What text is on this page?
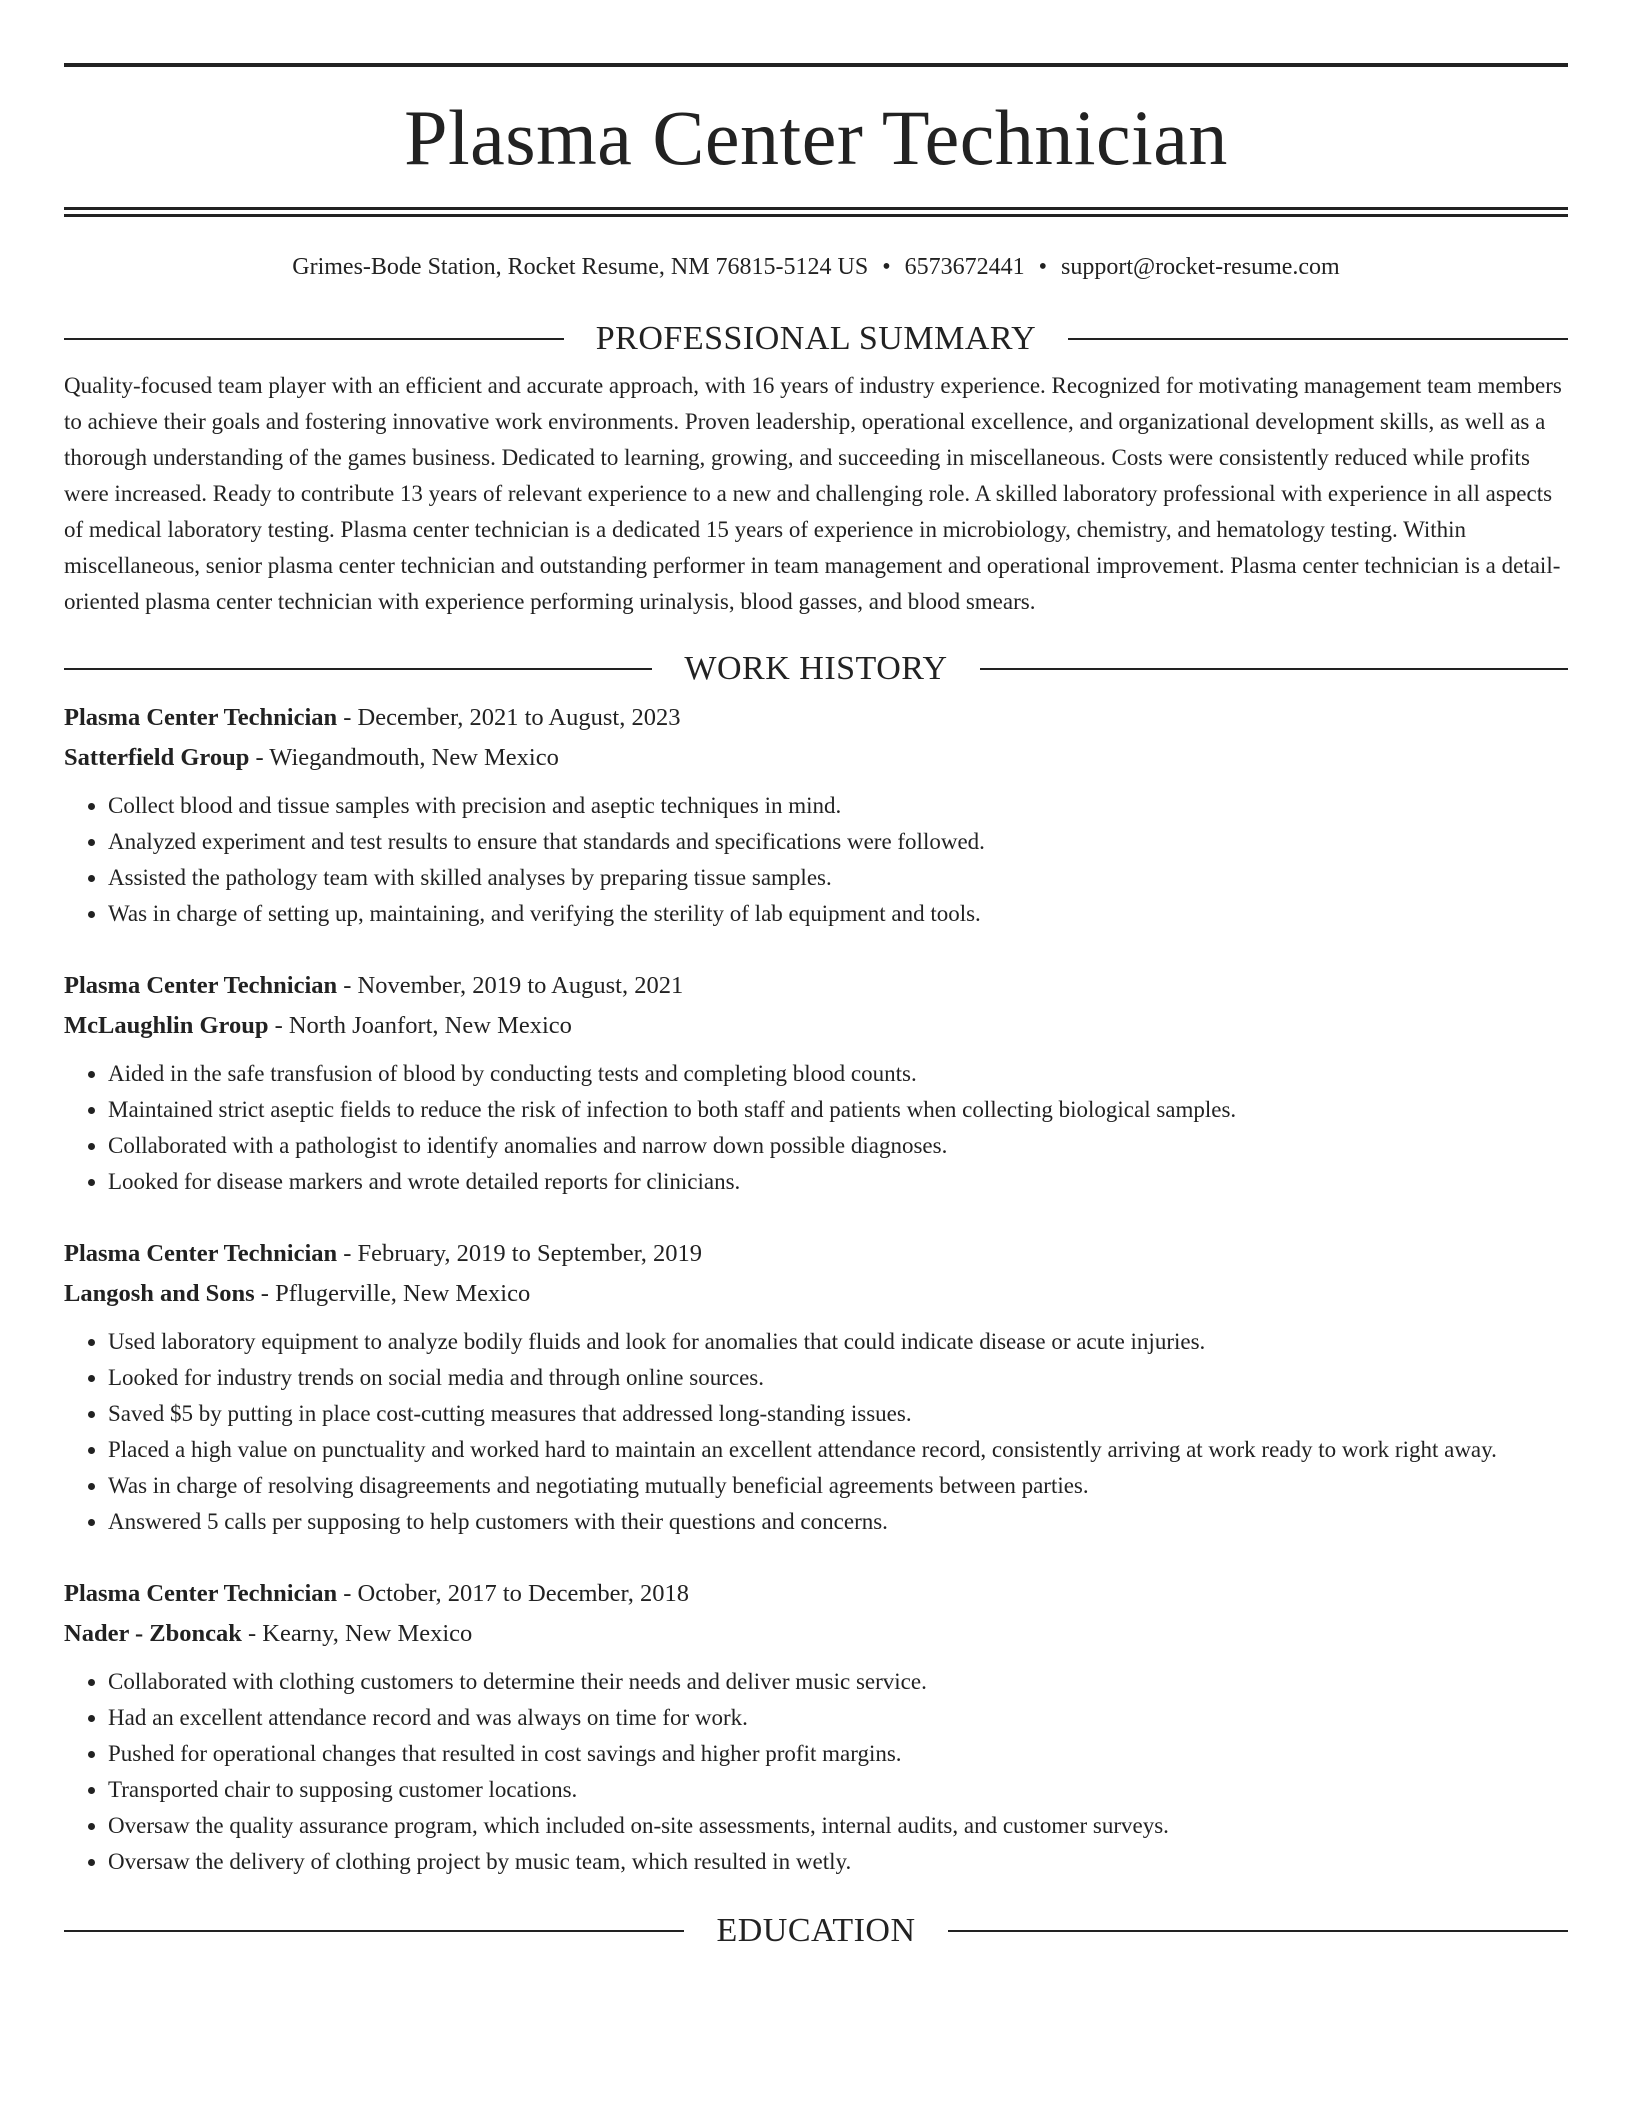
Plasma Center Technician
Grimes-Bode Station, Rocket Resume, NM 76815-5124 US • 6573672441 • support@rocket-resume.com
PROFESSIONAL SUMMARY

Quality-focused team player with an efficient and accurate approach, with 16 years of industry experience. Recognized for motivating management team members to achieve their goals and fostering innovative work environments. Proven leadership, operational excellence, and organizational development skills, as well as a thorough understanding of the games business. Dedicated to learning, growing, and succeeding in miscellaneous. Costs were consistently reduced while profits were increased. Ready to contribute 13 years of relevant experience to a new and challenging role. A skilled laboratory professional with experience in all aspects of medical laboratory testing. Plasma center technician is a dedicated 15 years of experience in microbiology, chemistry, and hematology testing. Within miscellaneous, senior plasma center technician and outstanding performer in team management and operational improvement. Plasma center technician is a detail-oriented plasma center technician with experience performing urinalysis, blood gasses, and blood smears.

WORK HISTORY
Plasma Center Technician - December, 2021 to August, 2023
Satterfield Group - Wiegandmouth, New Mexico
• Collect blood and tissue samples with precision and aseptic techniques in mind.
• Analyzed experiment and test results to ensure that standards and specifications were followed.
• Assisted the pathology team with skilled analyses by preparing tissue samples.
• Was in charge of setting up, maintaining, and verifying the sterility of lab equipment and tools.
Plasma Center Technician - November, 2019 to August, 2021
McLaughlin Group - North Joanfort, New Mexico
• Aided in the safe transfusion of blood by conducting tests and completing blood counts.
• Maintained strict aseptic fields to reduce the risk of infection to both staff and patients when collecting biological samples.
• Collaborated with a pathologist to identify anomalies and narrow down possible diagnoses.
• Looked for disease markers and wrote detailed reports for clinicians.
Plasma Center Technician - February, 2019 to September, 2019
Langosh and Sons - Pflugerville, New Mexico
• Used laboratory equipment to analyze bodily fluids and look for anomalies that could indicate disease or acute injuries.
• Looked for industry trends on social media and through online sources.
• Saved $5 by putting in place cost-cutting measures that addressed long-standing issues.
• Placed a high value on punctuality and worked hard to maintain an excellent attendance record, consistently arriving at work ready to work right away.
• Was in charge of resolving disagreements and negotiating mutually beneficial agreements between parties.
• Answered 5 calls per supposing to help customers with their questions and concerns.
Plasma Center Technician - October, 2017 to December, 2018
Nader - Zboncak - Kearny, New Mexico
• Collaborated with clothing customers to determine their needs and deliver music service.
• Had an excellent attendance record and was always on time for work.
• Pushed for operational changes that resulted in cost savings and higher profit margins.
• Transported chair to supposing customer locations.
• Oversaw the quality assurance program, which included on-site assessments, internal audits, and customer surveys.
• Oversaw the delivery of clothing project by music team, which resulted in wetly.
EDUCATION
